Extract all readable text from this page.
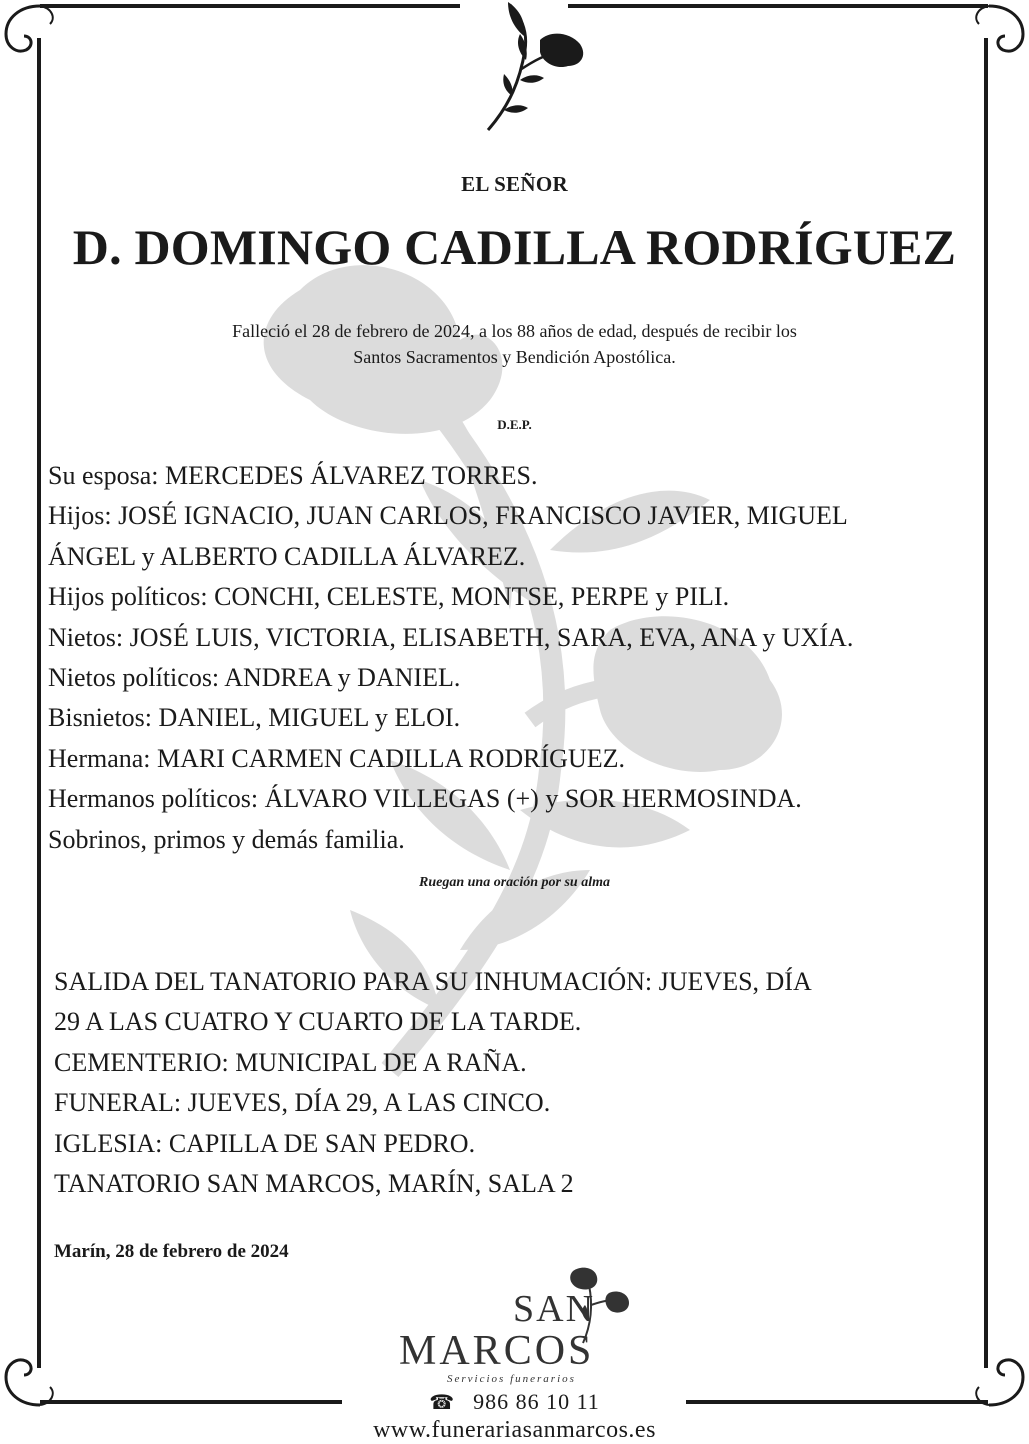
EL SEÑOR
D. DOMINGO CADILLA RODRÍGUEZ
Falleció el 28 de febrero de 2024, a los 88 años de edad, después de recibir los
Santos Sacramentos y Bendición Apostólica.
D.E.P.
Su esposa: MERCEDES ÁLVAREZ TORRES.
Hijos: JOSÉ IGNACIO, JUAN CARLOS, FRANCISCO JAVIER, MIGUEL
ÁNGEL y ALBERTO CADILLA ÁLVAREZ.
Hijos políticos: CONCHI, CELESTE, MONTSE, PERPE y PILI.
Nietos: JOSÉ LUIS, VICTORIA, ELISABETH, SARA, EVA, ANA y UXÍA.
Nietos políticos: ANDREA y DANIEL.
Bisnietos: DANIEL, MIGUEL y ELOI.
Hermana: MARI CARMEN CADILLA RODRÍGUEZ.
Hermanos políticos: ÁLVARO VILLEGAS (+) y SOR HERMOSINDA.
Sobrinos, primos y demás familia.
Ruegan una oración por su alma
SALIDA DEL TANATORIO PARA SU INHUMACIÓN: JUEVES, DÍA
29 A LAS CUATRO Y CUARTO DE LA TARDE.
CEMENTERIO: MUNICIPAL DE A RAÑA.
FUNERAL: JUEVES, DÍA 29, A LAS CINCO.
IGLESIA: CAPILLA DE SAN PEDRO.
TANATORIO SAN MARCOS, MARÍN, SALA 2
Marín, 28 de febrero de 2024
SAN
MARCOS
Servicios funerarios
☎ 986 86 10 11
www.funerariasanmarcos.es
